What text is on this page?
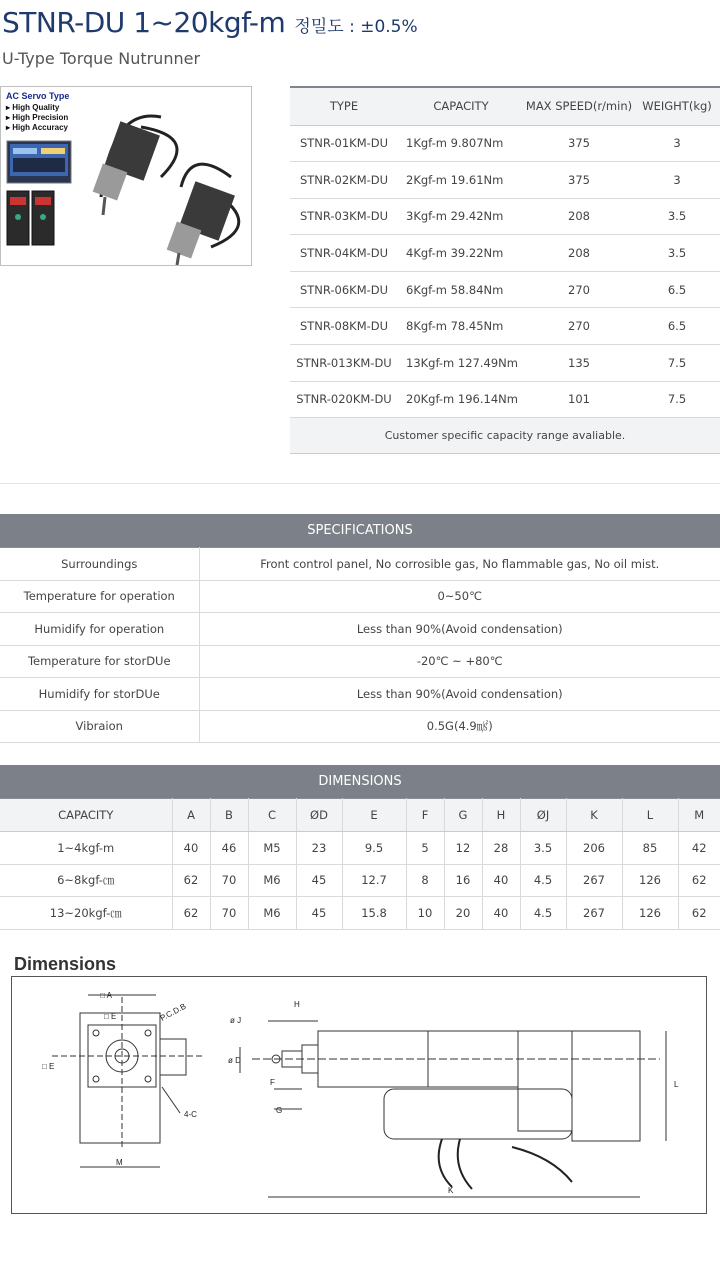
STNR-DU 1~20kgf-m 정밀도 : ±0.5%
U-Type Torque Nutrunner
AC Servo Type
▸ High Quality
▸ High Precision
▸ High Accuracy
TYPE	CAPACITY	MAX SPEED(r/min)	WEIGHT(kg)
STNR-01KM-DU	1Kgf-m 9.807Nm	375	3
STNR-02KM-DU	2Kgf-m 19.61Nm	375	3
STNR-03KM-DU	3Kgf-m 29.42Nm	208	3.5
STNR-04KM-DU	4Kgf-m 39.22Nm	208	3.5
STNR-06KM-DU	6Kgf-m 58.84Nm	270	6.5
STNR-08KM-DU	8Kgf-m 78.45Nm	270	6.5
STNR-013KM-DU	13Kgf-m 127.49Nm	135	7.5
STNR-020KM-DU	20Kgf-m 196.14Nm	101	7.5
Customer specific capacity range avaliable.			
SPECIFICATIONS
Surroundings	Front control panel, No corrosible gas, No flammable gas, No oil mist.
Temperature for operation	0~50℃
Humidify for operation	Less than 90%(Avoid condensation)
Temperature for storDUe	-20℃ ~ +80℃
Humidify for storDUe	Less than 90%(Avoid condensation)
Vibraion	0.5G(4.9㎨)
DIMENSIONS
CAPACITY	A	B	C	ØD	E	F	G	H	ØJ	K	L	M
1~4kgf-m	40	46	M5	23	9.5	5	12	28	3.5	206	85	42
6~8kgf-㎝	62	70	M6	45	12.7	8	16	40	4.5	267	126	62
13~20kgf-㎝	62	70	M6	45	15.8	10	20	40	4.5	267	126	62
Dimensions
□ A
□ E
□ E
P.C.D.B
4-C
M
H
ø J
ø D
F
G
L
K
